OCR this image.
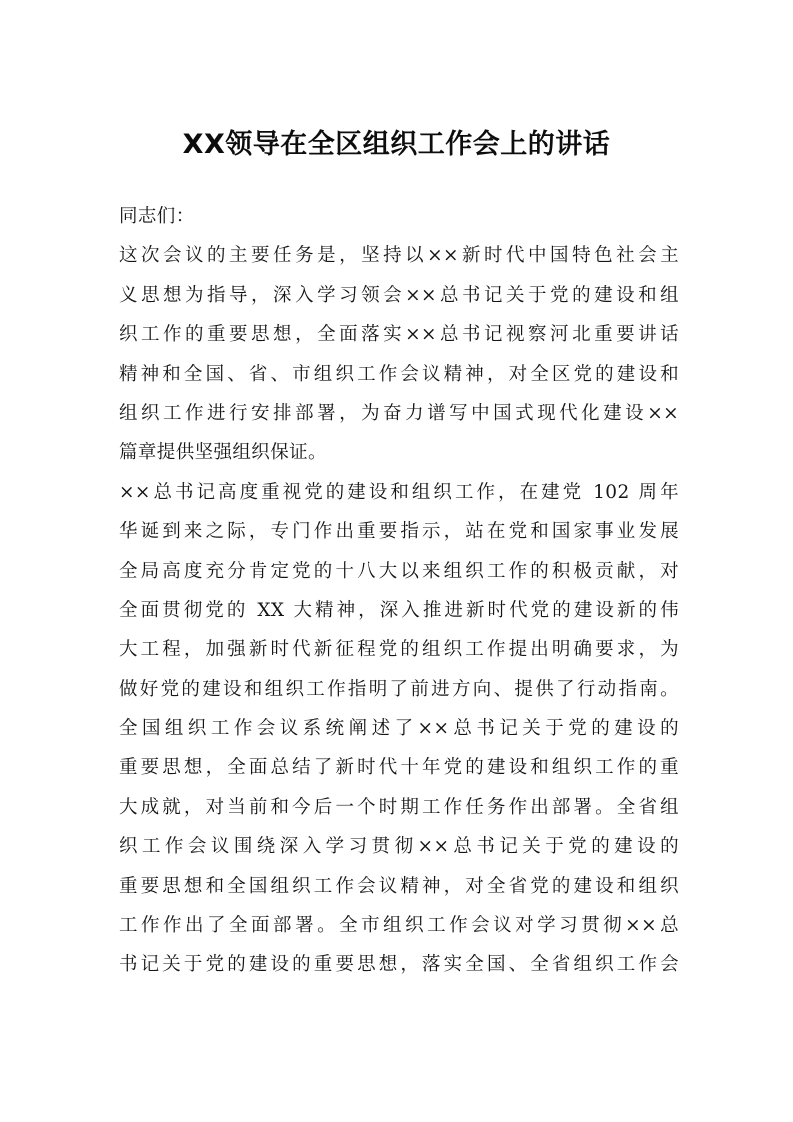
XX领导在全区组织工作会上的讲话
同志们：
这次会议的主要任务是，坚持以××新时代中国特色社会主
义思想为指导，深入学习领会××总书记关于党的建设和组
织工作的重要思想，全面落实××总书记视察河北重要讲话
精神和全国、省、市组织工作会议精神，对全区党的建设和
组织工作进行安排部署，为奋力谱写中国式现代化建设××
篇章提供坚强组织保证。
××总书记高度重视党的建设和组织工作，在建党 102 周年
华诞到来之际，专门作出重要指示，站在党和国家事业发展
全局高度充分肯定党的十八大以来组织工作的积极贡献，对
全面贯彻党的 XX 大精神，深入推进新时代党的建设新的伟
大工程，加强新时代新征程党的组织工作提出明确要求，为
做好党的建设和组织工作指明了前进方向、提供了行动指南。
全国组织工作会议系统阐述了××总书记关于党的建设的
重要思想，全面总结了新时代十年党的建设和组织工作的重
大成就，对当前和今后一个时期工作任务作出部署。全省组
织工作会议围绕深入学习贯彻××总书记关于党的建设的
重要思想和全国组织工作会议精神，对全省党的建设和组织
工作作出了全面部署。全市组织工作会议对学习贯彻××总
书记关于党的建设的重要思想，落实全国、全省组织工作会
